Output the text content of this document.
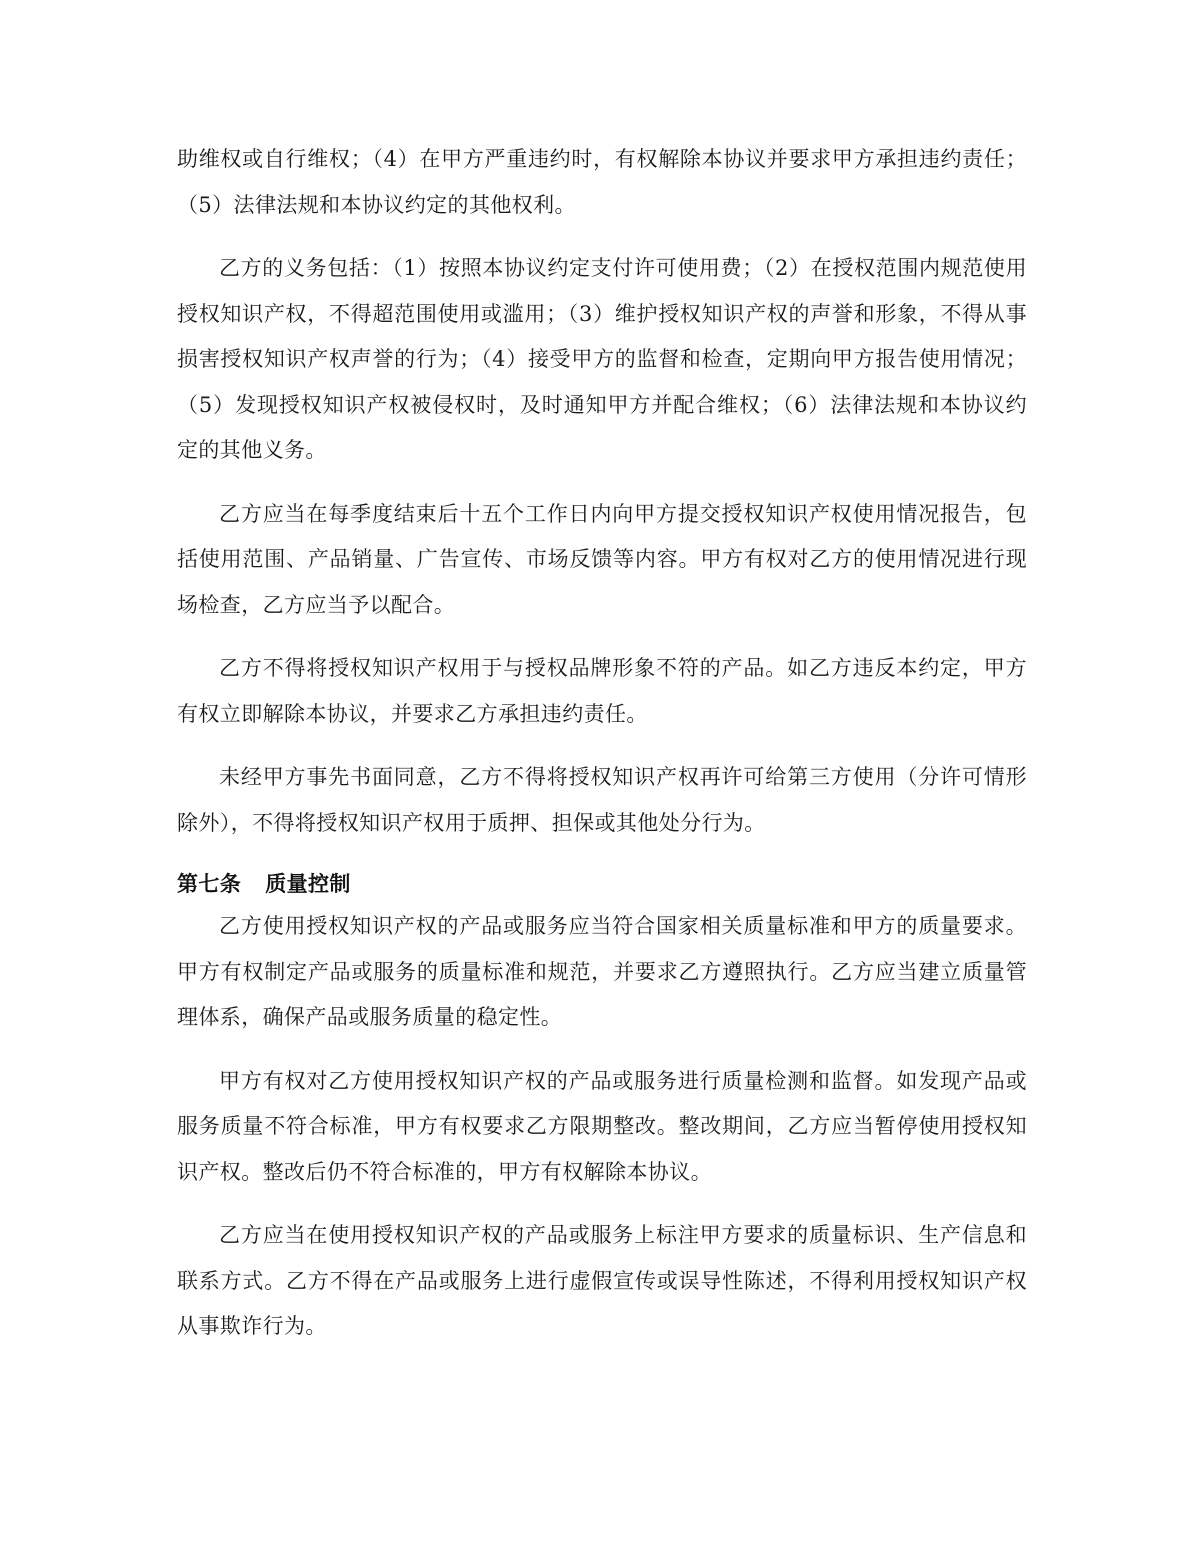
助维权或自行维权；（4）在甲方严重违约时，有权解除本协议并要求甲方承担违约责任；（5）法律法规和本协议约定的其他权利。

乙方的义务包括：（1）按照本协议约定支付许可使用费；（2）在授权范围内规范使用授权知识产权，不得超范围使用或滥用；（3）维护授权知识产权的声誉和形象，不得从事损害授权知识产权声誉的行为；（4）接受甲方的监督和检查，定期向甲方报告使用情况；（5）发现授权知识产权被侵权时，及时通知甲方并配合维权；（6）法律法规和本协议约定的其他义务。

乙方应当在每季度结束后十五个工作日内向甲方提交授权知识产权使用情况报告，包括使用范围、产品销量、广告宣传、市场反馈等内容。甲方有权对乙方的使用情况进行现场检查，乙方应当予以配合。

乙方不得将授权知识产权用于与授权品牌形象不符的产品。如乙方违反本约定，甲方有权立即解除本协议，并要求乙方承担违约责任。

未经甲方事先书面同意，乙方不得将授权知识产权再许可给第三方使用（分许可情形除外），不得将授权知识产权用于质押、担保或其他处分行为。

第七条 质量控制

乙方使用授权知识产权的产品或服务应当符合国家相关质量标准和甲方的质量要求。甲方有权制定产品或服务的质量标准和规范，并要求乙方遵照执行。乙方应当建立质量管理体系，确保产品或服务质量的稳定性。

甲方有权对乙方使用授权知识产权的产品或服务进行质量检测和监督。如发现产品或服务质量不符合标准，甲方有权要求乙方限期整改。整改期间，乙方应当暂停使用授权知识产权。整改后仍不符合标准的，甲方有权解除本协议。

乙方应当在使用授权知识产权的产品或服务上标注甲方要求的质量标识、生产信息和联系方式。乙方不得在产品或服务上进行虚假宣传或误导性陈述，不得利用授权知识产权从事欺诈行为。
